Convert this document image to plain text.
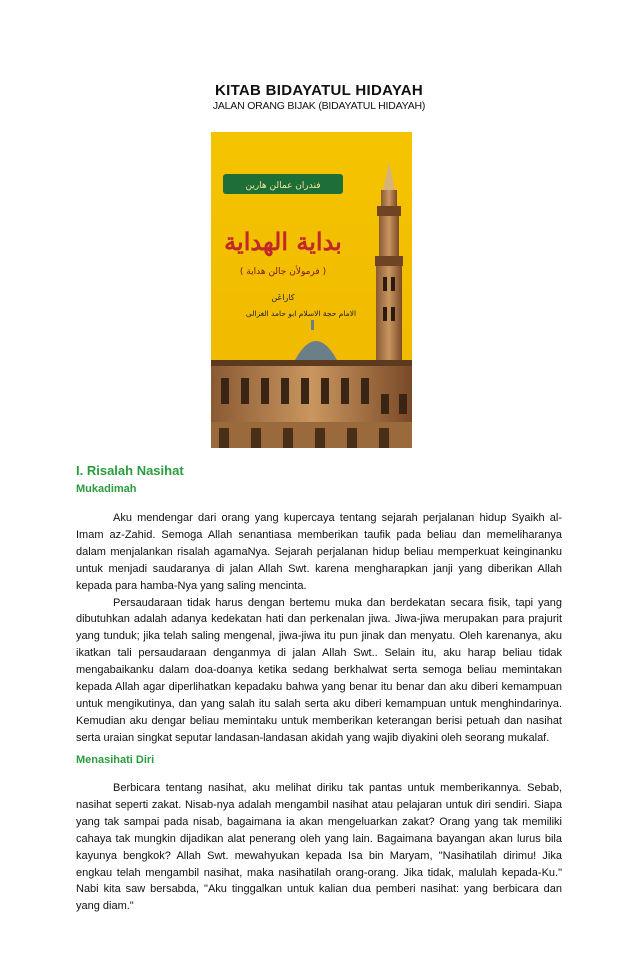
KITAB BIDAYATUL HIDAYAH
JALAN ORANG BIJAK (BIDAYATUL HIDAYAH)
فندران عمالن هارين
بداية الهداية
( فرمولأن جالن هداية )
كاراڠن
الامام حجة الاسلام ابو حامد الغزالى
I. Risalah Nasihat
Mukadimah

Aku mendengar dari orang yang kupercaya tentang sejarah perjalanan hidup Syaikh al-Imam az-Zahid. Semoga Allah senantiasa memberikan taufik pada beliau dan memeliharanya dalam menjalankan risalah agamaNya. Sejarah perjalanan hidup beliau memperkuat keinginanku untuk menjadi saudaranya di jalan Allah Swt. karena mengharapkan janji yang diberikan Allah kepada para hamba-Nya yang saling mencinta.

Persaudaraan tidak harus dengan bertemu muka dan berdekatan secara fisik, tapi yang dibutuhkan adalah adanya kedekatan hati dan perkenalan jiwa. Jiwa-jiwa merupakan para prajurit yang tunduk; jika telah saling mengenal, jiwa-jiwa itu pun jinak dan menyatu. Oleh karenanya, aku ikatkan tali persaudaraan denganmya di jalan Allah Swt.. Selain itu, aku harap beliau tidak mengabaikanku dalam doa-doanya ketika sedang berkhalwat serta semoga beliau memintakan kepada Allah agar diperlihatkan kepadaku bahwa yang benar itu benar dan aku diberi kemampuan untuk mengikutinya, dan yang salah itu salah serta aku diberi kemampuan untuk menghindarinya. Kemudian aku dengar beliau memintaku untuk memberikan keterangan berisi petuah dan nasihat serta uraian singkat seputar landasan-landasan akidah yang wajib diyakini oleh seorang mukalaf.

Menasihati Diri

Berbicara tentang nasihat, aku melihat diriku tak pantas untuk memberikannya. Sebab, nasihat seperti zakat. Nisab-nya adalah mengambil nasihat atau pelajaran untuk diri sendiri. Siapa yang tak sampai pada nisab, bagaimana ia akan mengeluarkan zakat? Orang yang tak memiliki cahaya tak mungkin dijadikan alat penerang oleh yang lain. Bagaimana bayangan akan lurus bila kayunya bengkok? Allah Swt. mewahyukan kepada Isa bin Maryam, "Nasihatilah dirimu! Jika engkau telah mengambil nasihat, maka nasihatilah orang-orang. Jika tidak, malulah kepada-Ku." Nabi kita saw bersabda, "Aku tinggalkan untuk kalian dua pemberi nasihat: yang berbicara dan yang diam."
